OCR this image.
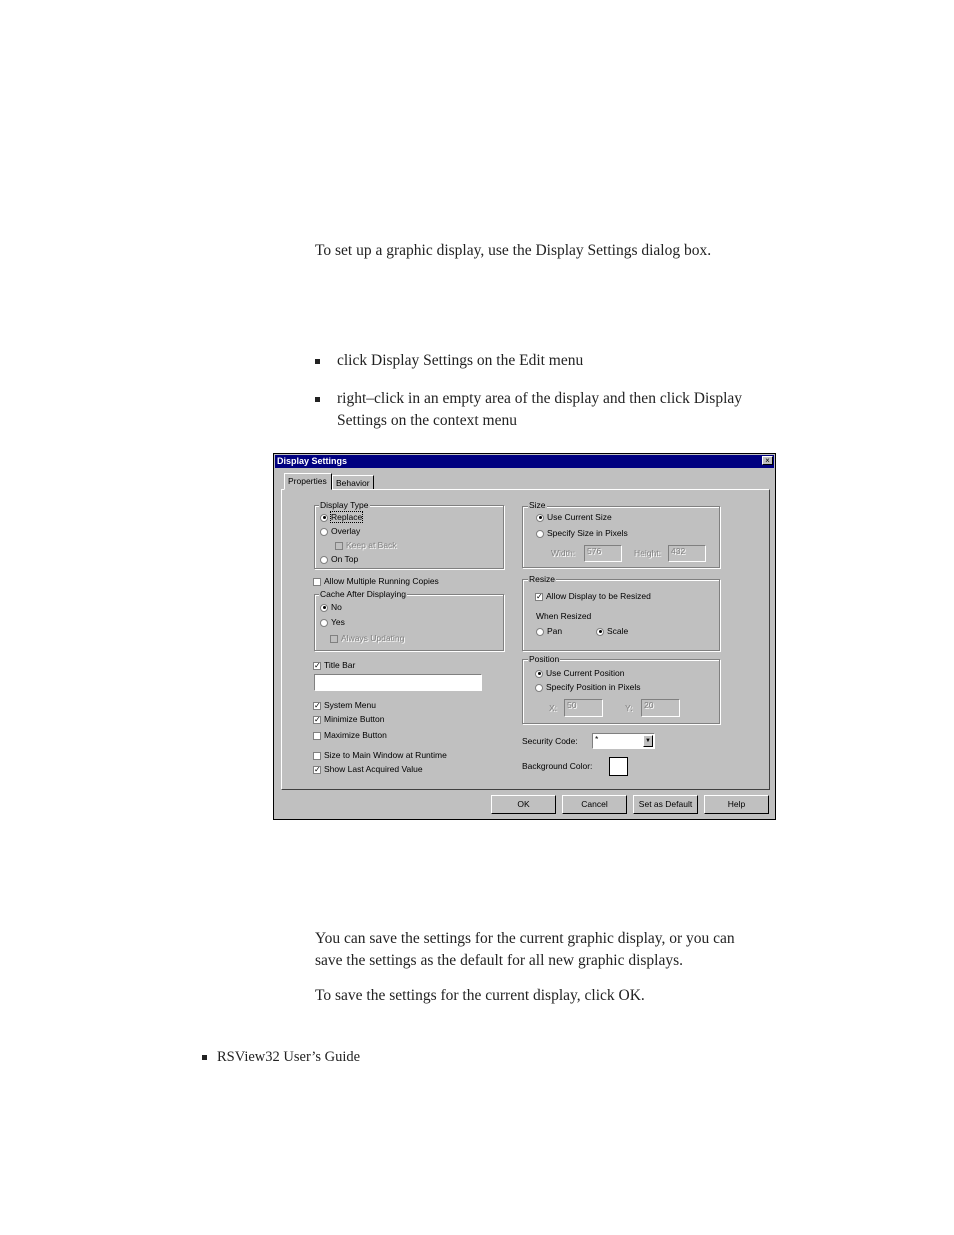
To set up a graphic display, use the Display Settings dialog box.
click Display Settings on the Edit menu
right–click in an empty area of the display and then click Display
Settings on the context menu
Display Settings	×
Properties	Behavior
Display Type
Replace
Overlay
Keep at Back
On Top
Allow Multiple Running Copies
Cache After Displaying
No
Yes
Always Updating
✓ Title Bar
✓ System Menu
✓ Minimize Button
Maximize Button
Size to Main Window at Runtime
✓ Show Last Acquired Value
Size
Use Current Size
Specify Size in Pixels
Width:	576	Height:	432
Resize
✓ Allow Display to be Resized
When Resized
Pan	Scale
Position
Use Current Position
Specify Position in Pixels
X:	50	Y:	20
Security Code:	*	▼
Background Color:
OK	Cancel	Set as Default	Help
You can save the settings for the current graphic display, or you can
save the settings as the default for all new graphic displays.
To save the settings for the current display, click OK.
RSView32 User’s Guide
